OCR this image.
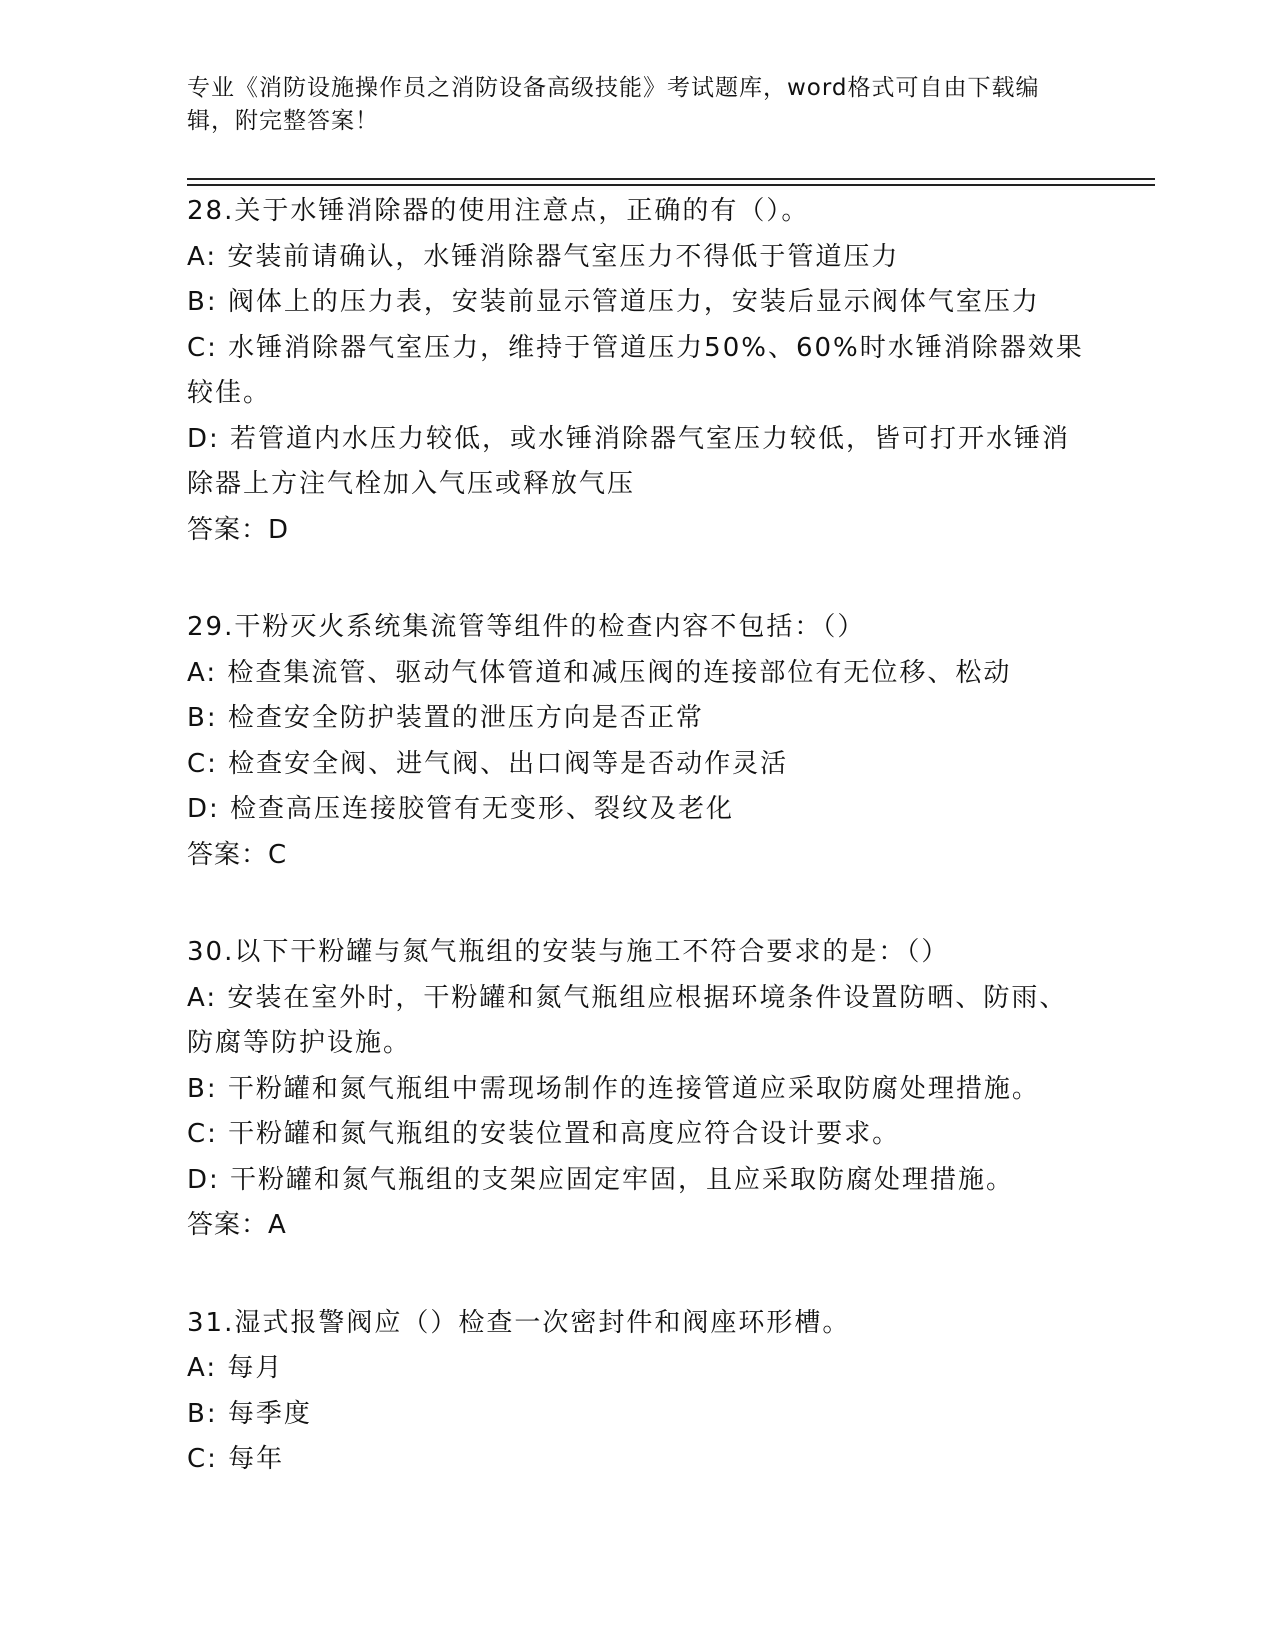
专业《消防设施操作员之消防设备高级技能》考试题库，word格式可自由下载编辑，附完整答案！

28.关于水锤消除器的使用注意点，正确的有（）。

A: 安装前请确认，水锤消除器气室压力不得低于管道压力

B: 阀体上的压力表，安装前显示管道压力，安装后显示阀体气室压力

C: 水锤消除器气室压力，维持于管道压力50%、60%时水锤消除器效果较佳。

D: 若管道内水压力较低，或水锤消除器气室压力较低，皆可打开水锤消除器上方注气栓加入气压或释放气压

答案：D

29.干粉灭火系统集流管等组件的检查内容不包括：（）

A: 检查集流管、驱动气体管道和减压阀的连接部位有无位移、松动

B: 检查安全防护装置的泄压方向是否正常

C: 检查安全阀、进气阀、出口阀等是否动作灵活

D: 检查高压连接胶管有无变形、裂纹及老化

答案：C

30.以下干粉罐与氮气瓶组的安装与施工不符合要求的是：（）

A: 安装在室外时，干粉罐和氮气瓶组应根据环境条件设置防晒、防雨、防腐等防护设施。

B: 干粉罐和氮气瓶组中需现场制作的连接管道应采取防腐处理措施。

C: 干粉罐和氮气瓶组的安装位置和高度应符合设计要求。

D: 干粉罐和氮气瓶组的支架应固定牢固，且应采取防腐处理措施。

答案：A

31.湿式报警阀应（）检查一次密封件和阀座环形槽。

A: 每月

B: 每季度

C: 每年
